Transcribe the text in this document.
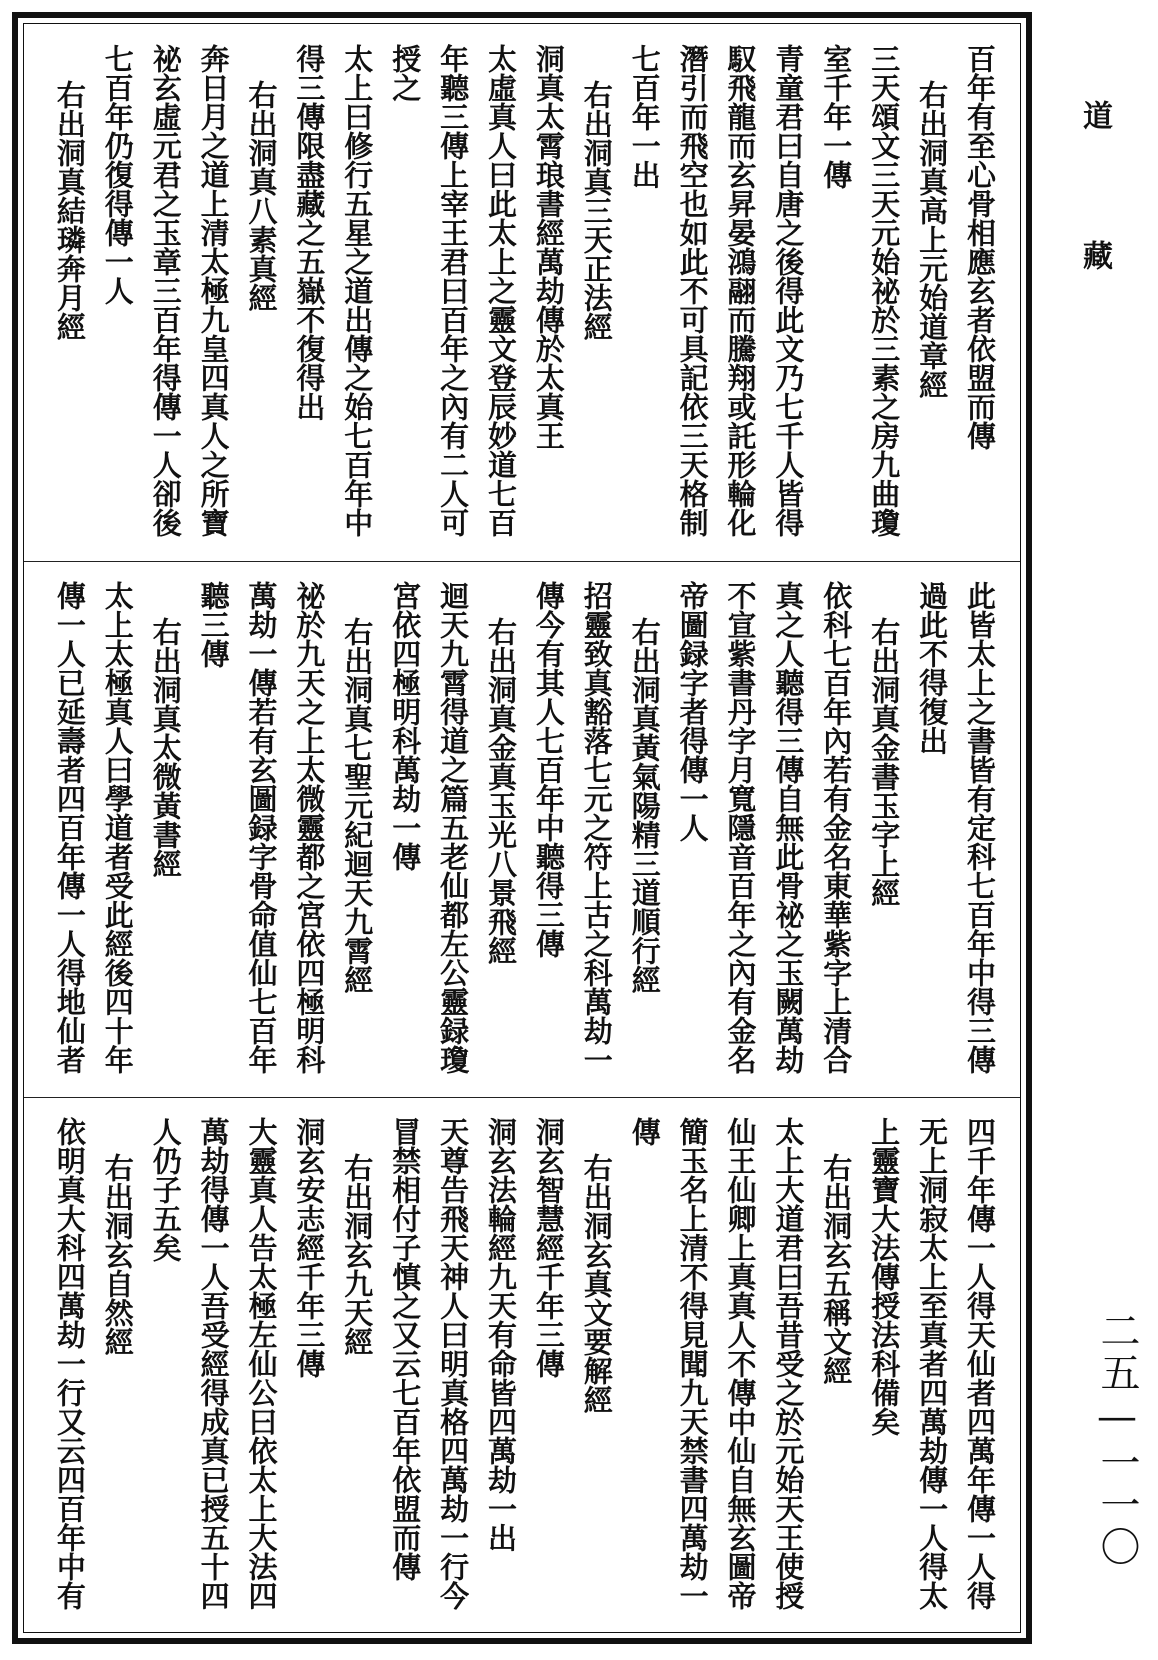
百年有至心骨相應玄者依盟而傳
右出洞真高上元始道章經
三天頌文三天元始祕於三素之房九曲瓊
室千年一傳
青童君曰自唐之後得此文乃七千人皆得
馭飛龍而玄昇晏鴻翮而騰翔或託形輪化
潛引而飛空也如此不可具記依三天格制
七百年一出
右出洞真三天正法經
洞真太霄琅書經萬劫傳於太真王
太虛真人曰此太上之靈文登辰妙道七百
年聽三傳上宰王君曰百年之內有二人可
授之
太上曰修行五星之道出傳之始七百年中
得三傳限盡藏之五嶽不復得出
右出洞真八素真經
奔日月之道上清太極九皇四真人之所寶
祕玄虛元君之玉章三百年得傳一人卻後
七百年仍復得傳一人
右出洞真結璘奔月經
此皆太上之書皆有定科七百年中得三傳
過此不得復出
右出洞真金書玉字上經
依科七百年內若有金名東華紫字上清合
真之人聽得三傳自無此骨祕之玉闕萬劫
不宣紫書丹字月寬隱音百年之內有金名
帝圖録字者得傳一人
右出洞真黃氣陽精三道順行經
招靈致真豁落七元之符上古之科萬劫一
傳今有其人七百年中聽得三傳
右出洞真金真玉光八景飛經
迴天九霄得道之篇五老仙都左公靈録瓊
宮依四極明科萬劫一傳
右出洞真七聖元紀迴天九霄經
祕於九天之上太微靈都之宮依四極明科
萬劫一傳若有玄圖録字骨命值仙七百年
聽三傳
右出洞真太微黃書經
太上太極真人曰學道者受此經後四十年
傳一人已延壽者四百年傳一人得地仙者
四千年傳一人得天仙者四萬年傳一人得
无上洞寂太上至真者四萬劫傳一人得太
上靈寶大法傳授法科備矣
右出洞玄五稱文經
太上大道君曰吾昔受之於元始天王使授
仙王仙卿上真真人不傳中仙自無玄圖帝
簡玉名上清不得見聞九天禁書四萬劫一
傳
右出洞玄真文要解經
洞玄智慧經千年三傳
洞玄法輪經九天有命皆四萬劫一出
天尊告飛天神人曰明真格四萬劫一行今
冒禁相付子慎之又云七百年依盟而傳
右出洞玄九天經
洞玄安志經千年三傳
大靈真人告太極左仙公曰依太上大法四
萬劫得傳一人吾受經得成真已授五十四
人仍子五矣
右出洞玄自然經
依明真大科四萬劫一行又云四百年中有
道
藏
二五—一一〇
